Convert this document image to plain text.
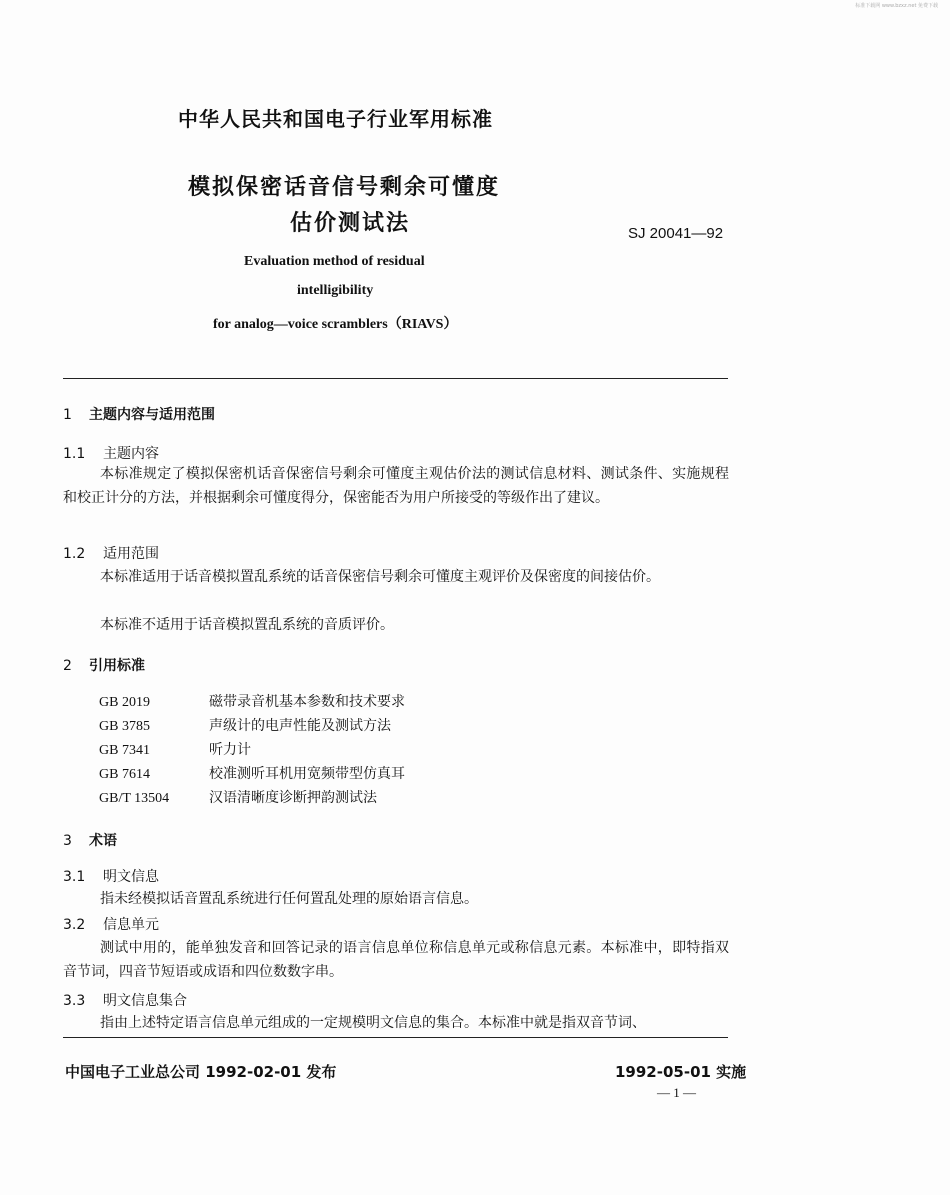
标准下载网 www.bzxz.net 免费下载
中华人民共和国电子行业军用标准
模拟保密话音信号剩余可懂度
估价测试法	SJ 20041—92
Evaluation method of residual
intelligibility
for analog—voice scramblers（RIAVS）
1 主题内容与适用范围
1.1 主题内容

本标准规定了模拟保密机话音保密信号剩余可懂度主观估价法的测试信息材料、测试条件、实施规程和校正计分的方法，并根据剩余可懂度得分，保密能否为用户所接受的等级作出了建议。

1.2 适用范围

本标准适用于话音模拟置乱系统的话音保密信号剩余可懂度主观评价及保密度的间接估价。

本标准不适用于话音模拟置乱系统的音质评价。

2 引用标准
GB 2019	磁带录音机基本参数和技术要求
GB 3785	声级计的电声性能及测试方法
GB 7341	听力计
GB 7614	校准测听耳机用宽频带型仿真耳
GB/T 13504	汉语清晰度诊断押韵测试法
3 术语
3.1 明文信息

指未经模拟话音置乱系统进行任何置乱处理的原始语言信息。

3.2 信息单元

测试中用的，能单独发音和回答记录的语言信息单位称信息单元或称信息元素。本标准中，即特指双音节词，四音节短语或成语和四位数数字串。

3.3 明文信息集合

指由上述特定语言信息单元组成的一定规模明文信息的集合。本标准中就是指双音节词、

中国电子工业总公司 1992-02-01 发布	1992-05-01 实施
— 1 —
